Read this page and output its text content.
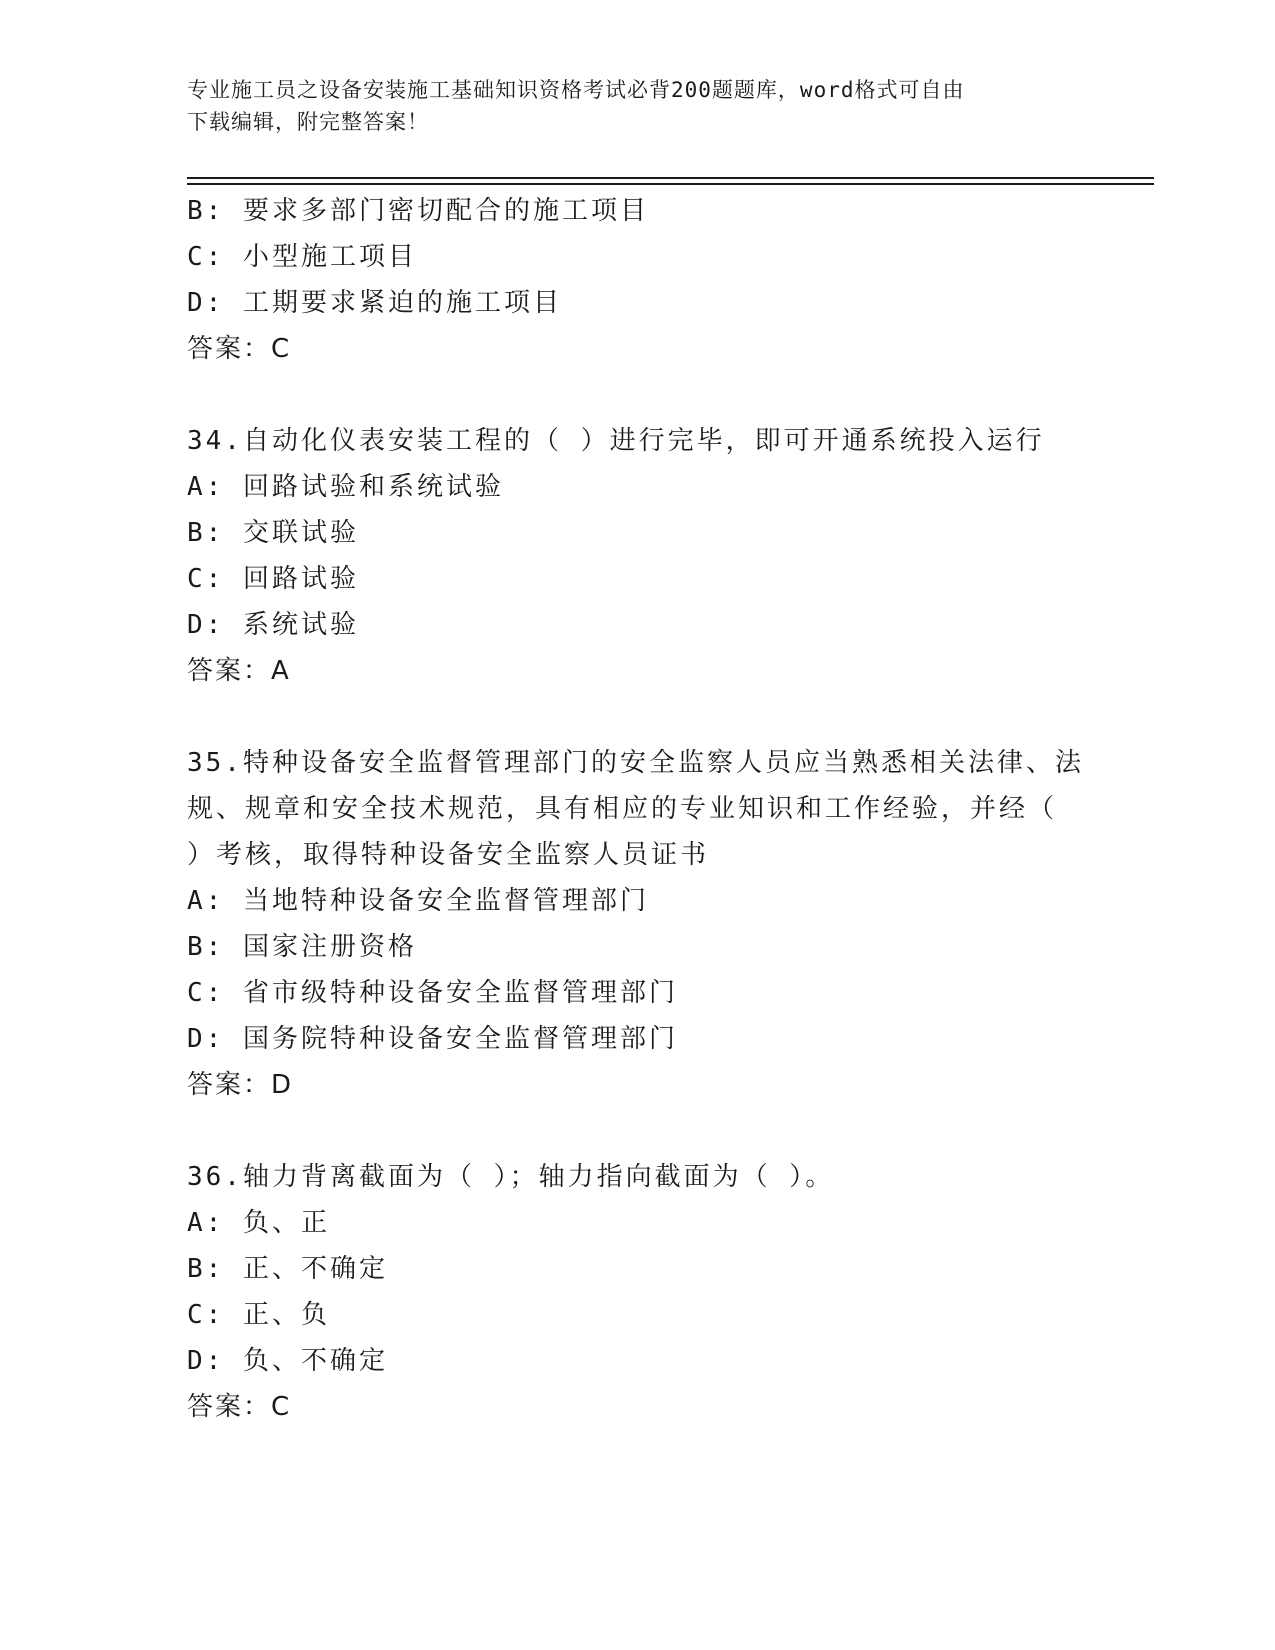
专业施工员之设备安装施工基础知识资格考试必背200题题库，word格式可自由
下载编辑，附完整答案！
B: 要求多部门密切配合的施工项目
C: 小型施工项目
D: 工期要求紧迫的施工项目
答案：C
34.自动化仪表安装工程的（ ）进行完毕，即可开通系统投入运行
A: 回路试验和系统试验
B: 交联试验
C: 回路试验
D: 系统试验
答案：A
35.特种设备安全监督管理部门的安全监察人员应当熟悉相关法律、法
规、规章和安全技术规范，具有相应的专业知识和工作经验，并经（
）考核，取得特种设备安全监察人员证书
A: 当地特种设备安全监督管理部门
B: 国家注册资格
C: 省市级特种设备安全监督管理部门
D: 国务院特种设备安全监督管理部门
答案：D
36.轴力背离截面为（ ）；轴力指向截面为（ ）。
A: 负、正
B: 正、不确定
C: 正、负
D: 负、不确定
答案：C
